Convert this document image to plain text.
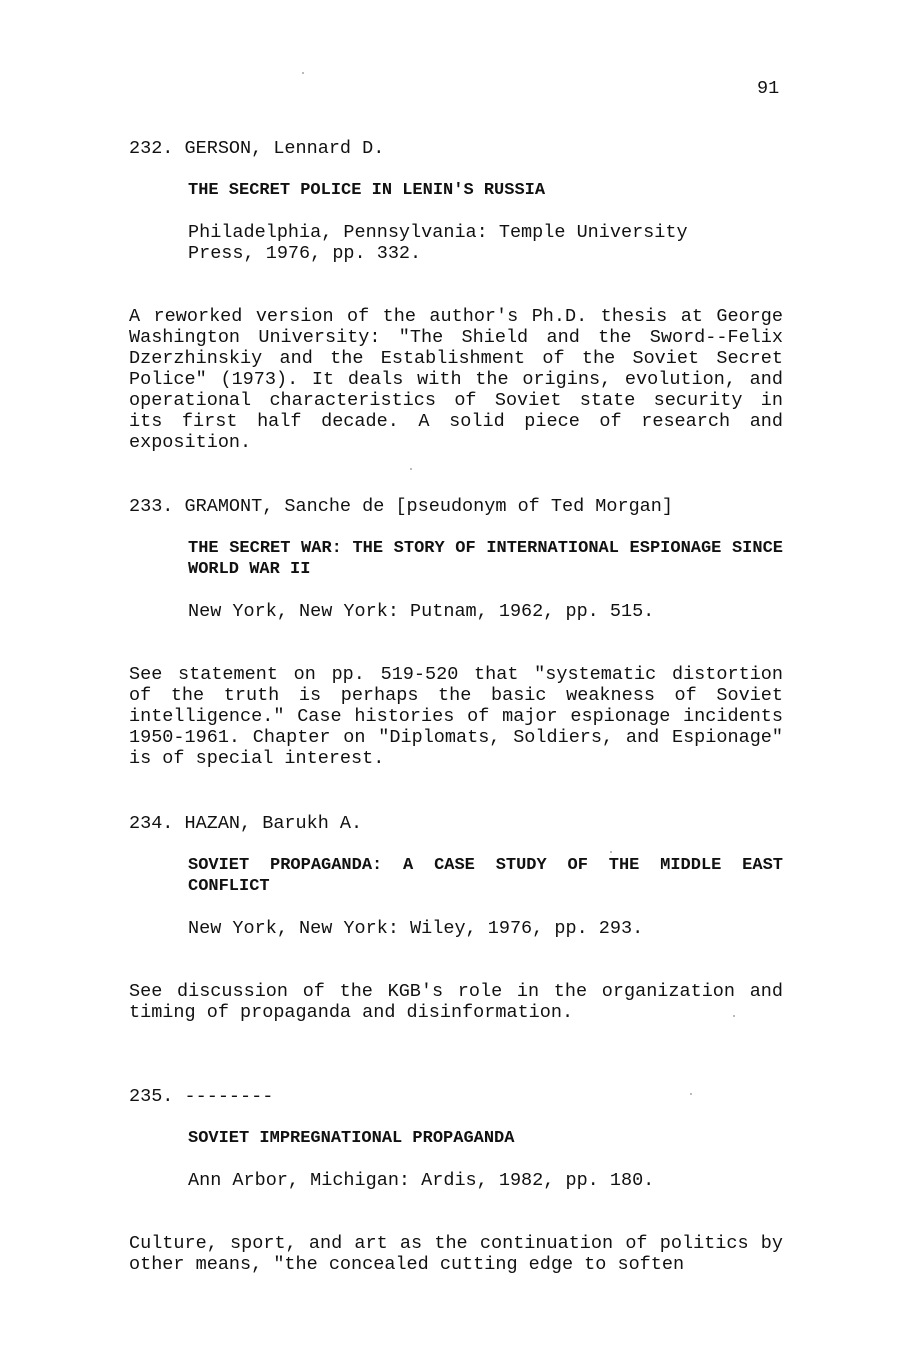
91
232. GERSON, Lennard D.
THE SECRET POLICE IN LENIN'S RUSSIA
Philadelphia, Pennsylvania: Temple University
Press, 1976, pp. 332.
A reworked version of the author's Ph.D. thesis at George Washington University: "The Shield and the Sword--Felix Dzerzhinskiy and the Establishment of the Soviet Secret Police" (1973). It deals with the origins, evolution, and operational characteristics of Soviet state security in its first half decade. A solid piece of research and exposition.
233. GRAMONT, Sanche de [pseudonym of Ted Morgan]
THE SECRET WAR: THE STORY OF INTERNATIONAL ESPIONAGE SINCE WORLD WAR II
New York, New York: Putnam, 1962, pp. 515.
See statement on pp. 519-520 that "systematic distortion of the truth is perhaps the basic weakness of Soviet intelligence." Case histories of major espionage incidents 1950-1961. Chapter on "Diplomats, Soldiers, and Espionage" is of special interest.
234. HAZAN, Barukh A.
SOVIET PROPAGANDA: A CASE STUDY OF THE MIDDLE EAST CONFLICT
New York, New York: Wiley, 1976, pp. 293.
See discussion of the KGB's role in the organization and timing of propaganda and disinformation.
235. --------
SOVIET IMPREGNATIONAL PROPAGANDA
Ann Arbor, Michigan: Ardis, 1982, pp. 180.
Culture, sport, and art as the continuation of politics by other means, "the concealed cutting edge to soften
